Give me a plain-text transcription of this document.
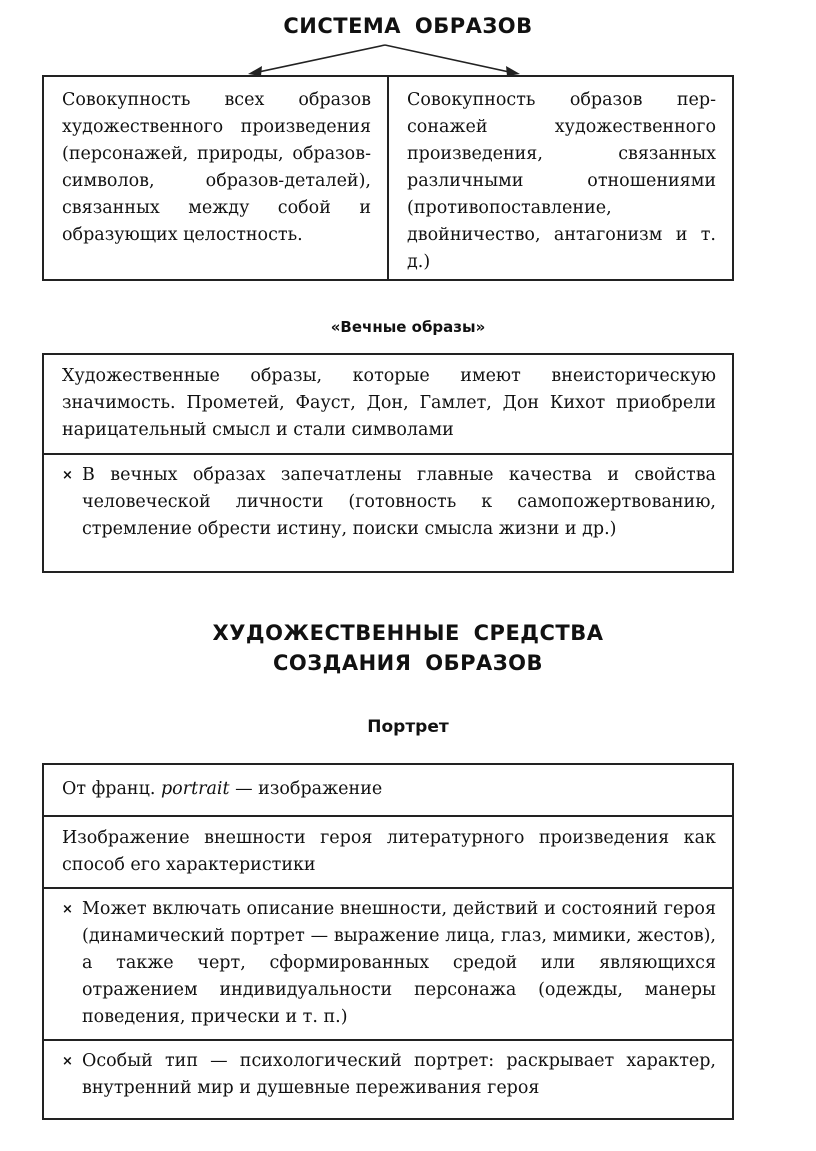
СИСТЕМА ОБРАЗОВ
Совокупность всех образов художественного произведения (персонажей, природы, образов-символов, образов-деталей), связанных между собой и образующих целостность.
Совокупность образов персонажей художественного произведения, связанных различными отношениями (противопоставление, двойничество, антагонизм и т. д.)
«Вечные образы»
Художественные образы, которые имеют внеисторическую значимость. Прометей, Фауст, Дон, Гамлет, Дон Кихот приобрели нарицательный смысл и стали символами
× В вечных образах запечатлены главные качества и свойства человеческой личности (готовность к самопожертвованию, стремление обрести истину, поиски смысла жизни и др.)
ХУДОЖЕСТВЕННЫЕ СРЕДСТВА
СОЗДАНИЯ ОБРАЗОВ
Портрет
От франц. portrait — изображение
Изображение внешности героя литературного произведения как способ его характеристики
× Может включать описание внешности, действий и состояний героя (динамический портрет — выражение лица, глаз, мимики, жестов), а также черт, сформированных средой или являющихся отражением индивидуальности персонажа (одежды, манеры поведения, прически и т. п.)
× Особый тип — психологический портрет: раскрывает характер, внутренний мир и душевные переживания героя
